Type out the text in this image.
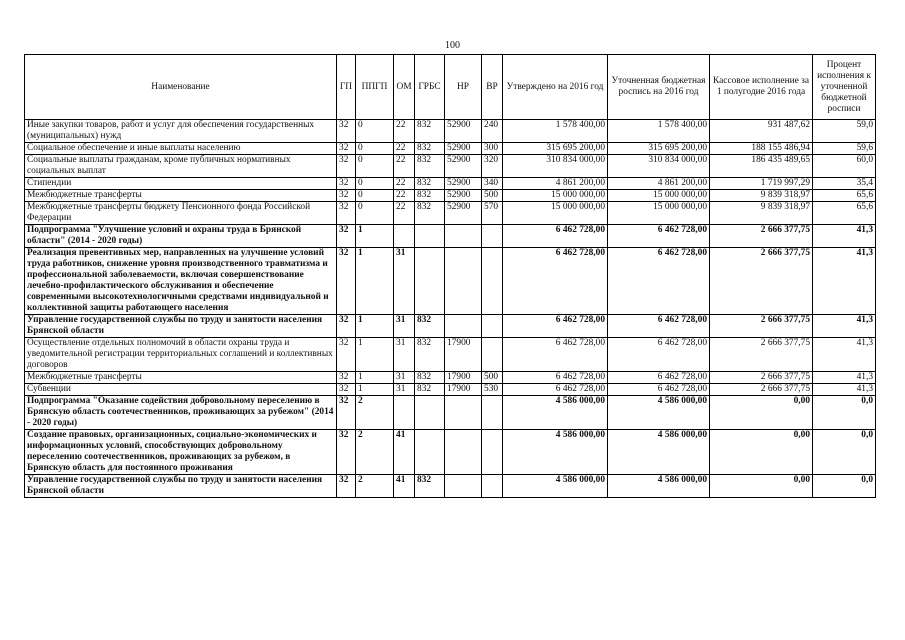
100
Наименование	ГП	ППГП	ОМ	ГРБС	НР	ВР	Утверждено на 2016 год	Уточненная бюджетная роспись на 2016 год	Кассовое исполнение за 1 полугодие 2016 года	Процент исполнения к уточненной бюджетной росписи
Иные закупки товаров, работ и услуг для обеспечения государственных (муниципальных) нужд	32	0	22	832	52900	240	1 578 400,00	1 578 400,00	931 487,62	59,0
Социальное обеспечение и иные выплаты населению	32	0	22	832	52900	300	315 695 200,00	315 695 200,00	188 155 486,94	59,6
Социальные выплаты гражданам, кроме публичных нормативных социальных выплат	32	0	22	832	52900	320	310 834 000,00	310 834 000,00	186 435 489,65	60,0
Стипендии	32	0	22	832	52900	340	4 861 200,00	4 861 200,00	1 719 997,29	35,4
Межбюджетные трансферты	32	0	22	832	52900	500	15 000 000,00	15 000 000,00	9 839 318,97	65,6
Межбюджетные трансферты бюджету Пенсионного фонда Российской Федерации	32	0	22	832	52900	570	15 000 000,00	15 000 000,00	9 839 318,97	65,6
Подпрограмма "Улучшение условий и охраны труда в Брянской области" (2014 - 2020 годы)	32	1					6 462 728,00	6 462 728,00	2 666 377,75	41,3
Реализация превентивных мер, направленных на улучшение условий труда работников, снижение уровня производственного травматизма и профессиональной заболеваемости, включая совершенствование лечебно-профилактического обслуживания и обеспечение современными высокотехнологичными средствами индивидуальной и коллективной защиты работающего населения	32	1	31				6 462 728,00	6 462 728,00	2 666 377,75	41,3
Управление государственной службы по труду и занятости населения Брянской области	32	1	31	832			6 462 728,00	6 462 728,00	2 666 377,75	41,3
Осуществление отдельных полномочий в области охраны труда и уведомительной регистрации территориальных соглашений и коллективных договоров	32	1	31	832	17900		6 462 728,00	6 462 728,00	2 666 377,75	41,3
Межбюджетные трансферты	32	1	31	832	17900	500	6 462 728,00	6 462 728,00	2 666 377,75	41,3
Субвенции	32	1	31	832	17900	530	6 462 728,00	6 462 728,00	2 666 377,75	41,3
Подпрограмма "Оказание содействия добровольному переселению в Брянскую область соотечественников, проживающих за рубежом" (2014 - 2020 годы)	32	2					4 586 000,00	4 586 000,00	0,00	0,0
Создание правовых, организационных, социально-экономических и информационных условий, способствующих добровольному переселению соотечественников, проживающих за рубежом, в Брянскую область для постоянного проживания	32	2	41				4 586 000,00	4 586 000,00	0,00	0,0
Управление государственной службы по труду и занятости населения Брянской области	32	2	41	832			4 586 000,00	4 586 000,00	0,00	0,0
